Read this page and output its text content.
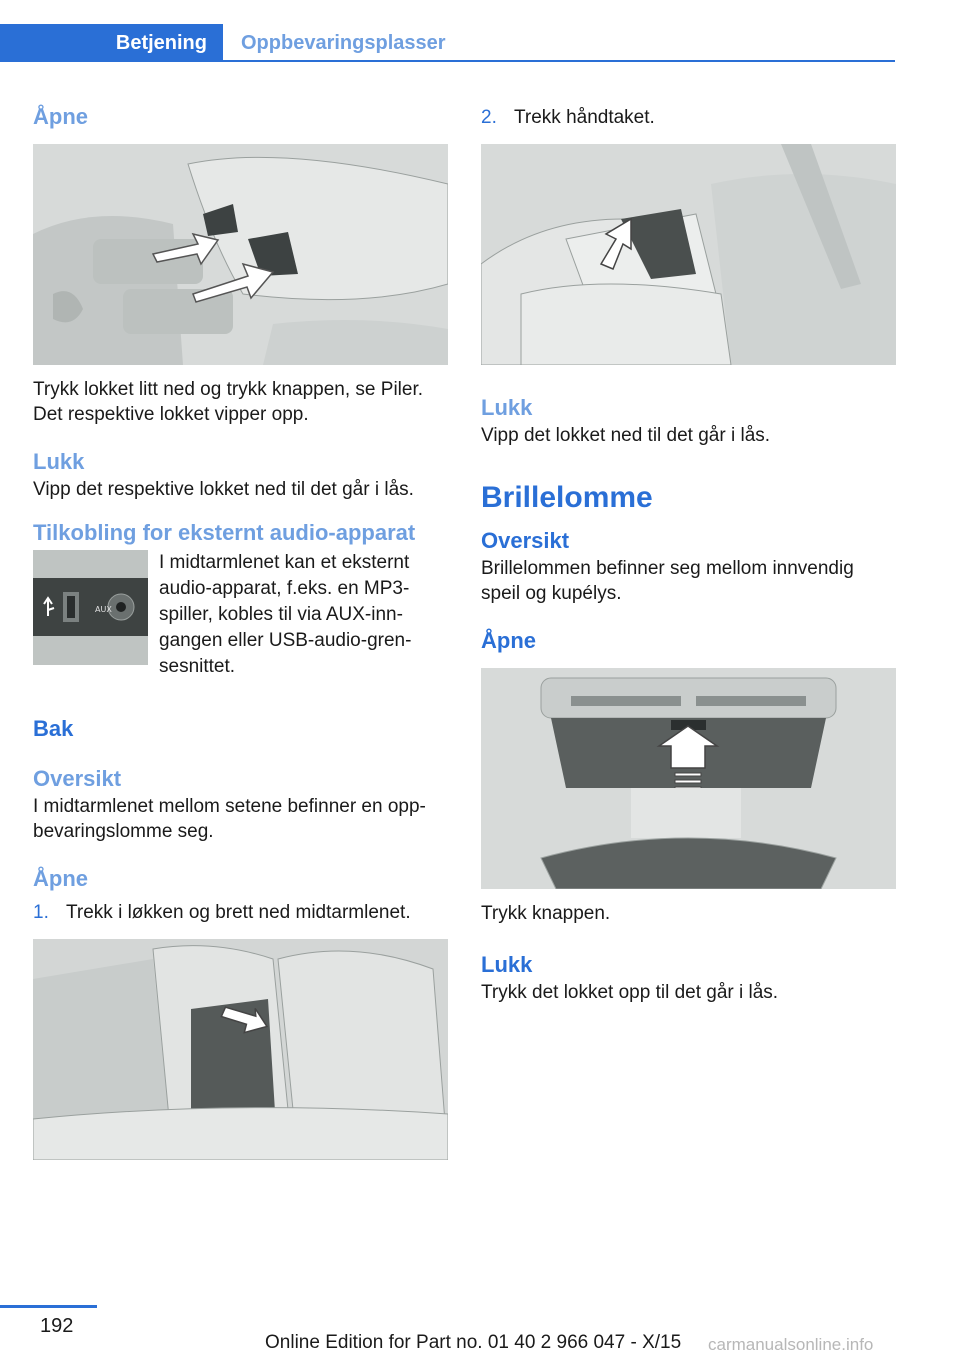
Betjening	Oppbevaringsplasser
Åpne

Trykk lokket litt ned og trykk knappen, se Piler.

Det respektive lokket vipper opp.

Lukk

Vipp det respektive lokket ned til det går i lås.

Tilkobling for eksternt audio-apparat
AUX
I midtarmlenet kan et eksternt
audio-apparat, f.eks. en MP3-
spiller, kobles til via AUX-inn-
gangen eller USB-audio-gren-
sesnittet.
Bak
Oversikt

I midtarmlenet mellom setene befinner en opp-

bevaringslomme seg.

Åpne
1. Trekk i løkken og brett ned midtarmlenet.
2. Trekk håndtaket.
Lukk

Vipp det lokket ned til det går i lås.

Brillelomme
Oversikt

Brillelommen befinner seg mellom innvendig

speil og kupélys.

Åpne

Trykk knappen.

Lukk

Trykk det lokket opp til det går i lås.

192
Online Edition for Part no. 01 40 2 966 047 - X/15 carmanualsonline.info
